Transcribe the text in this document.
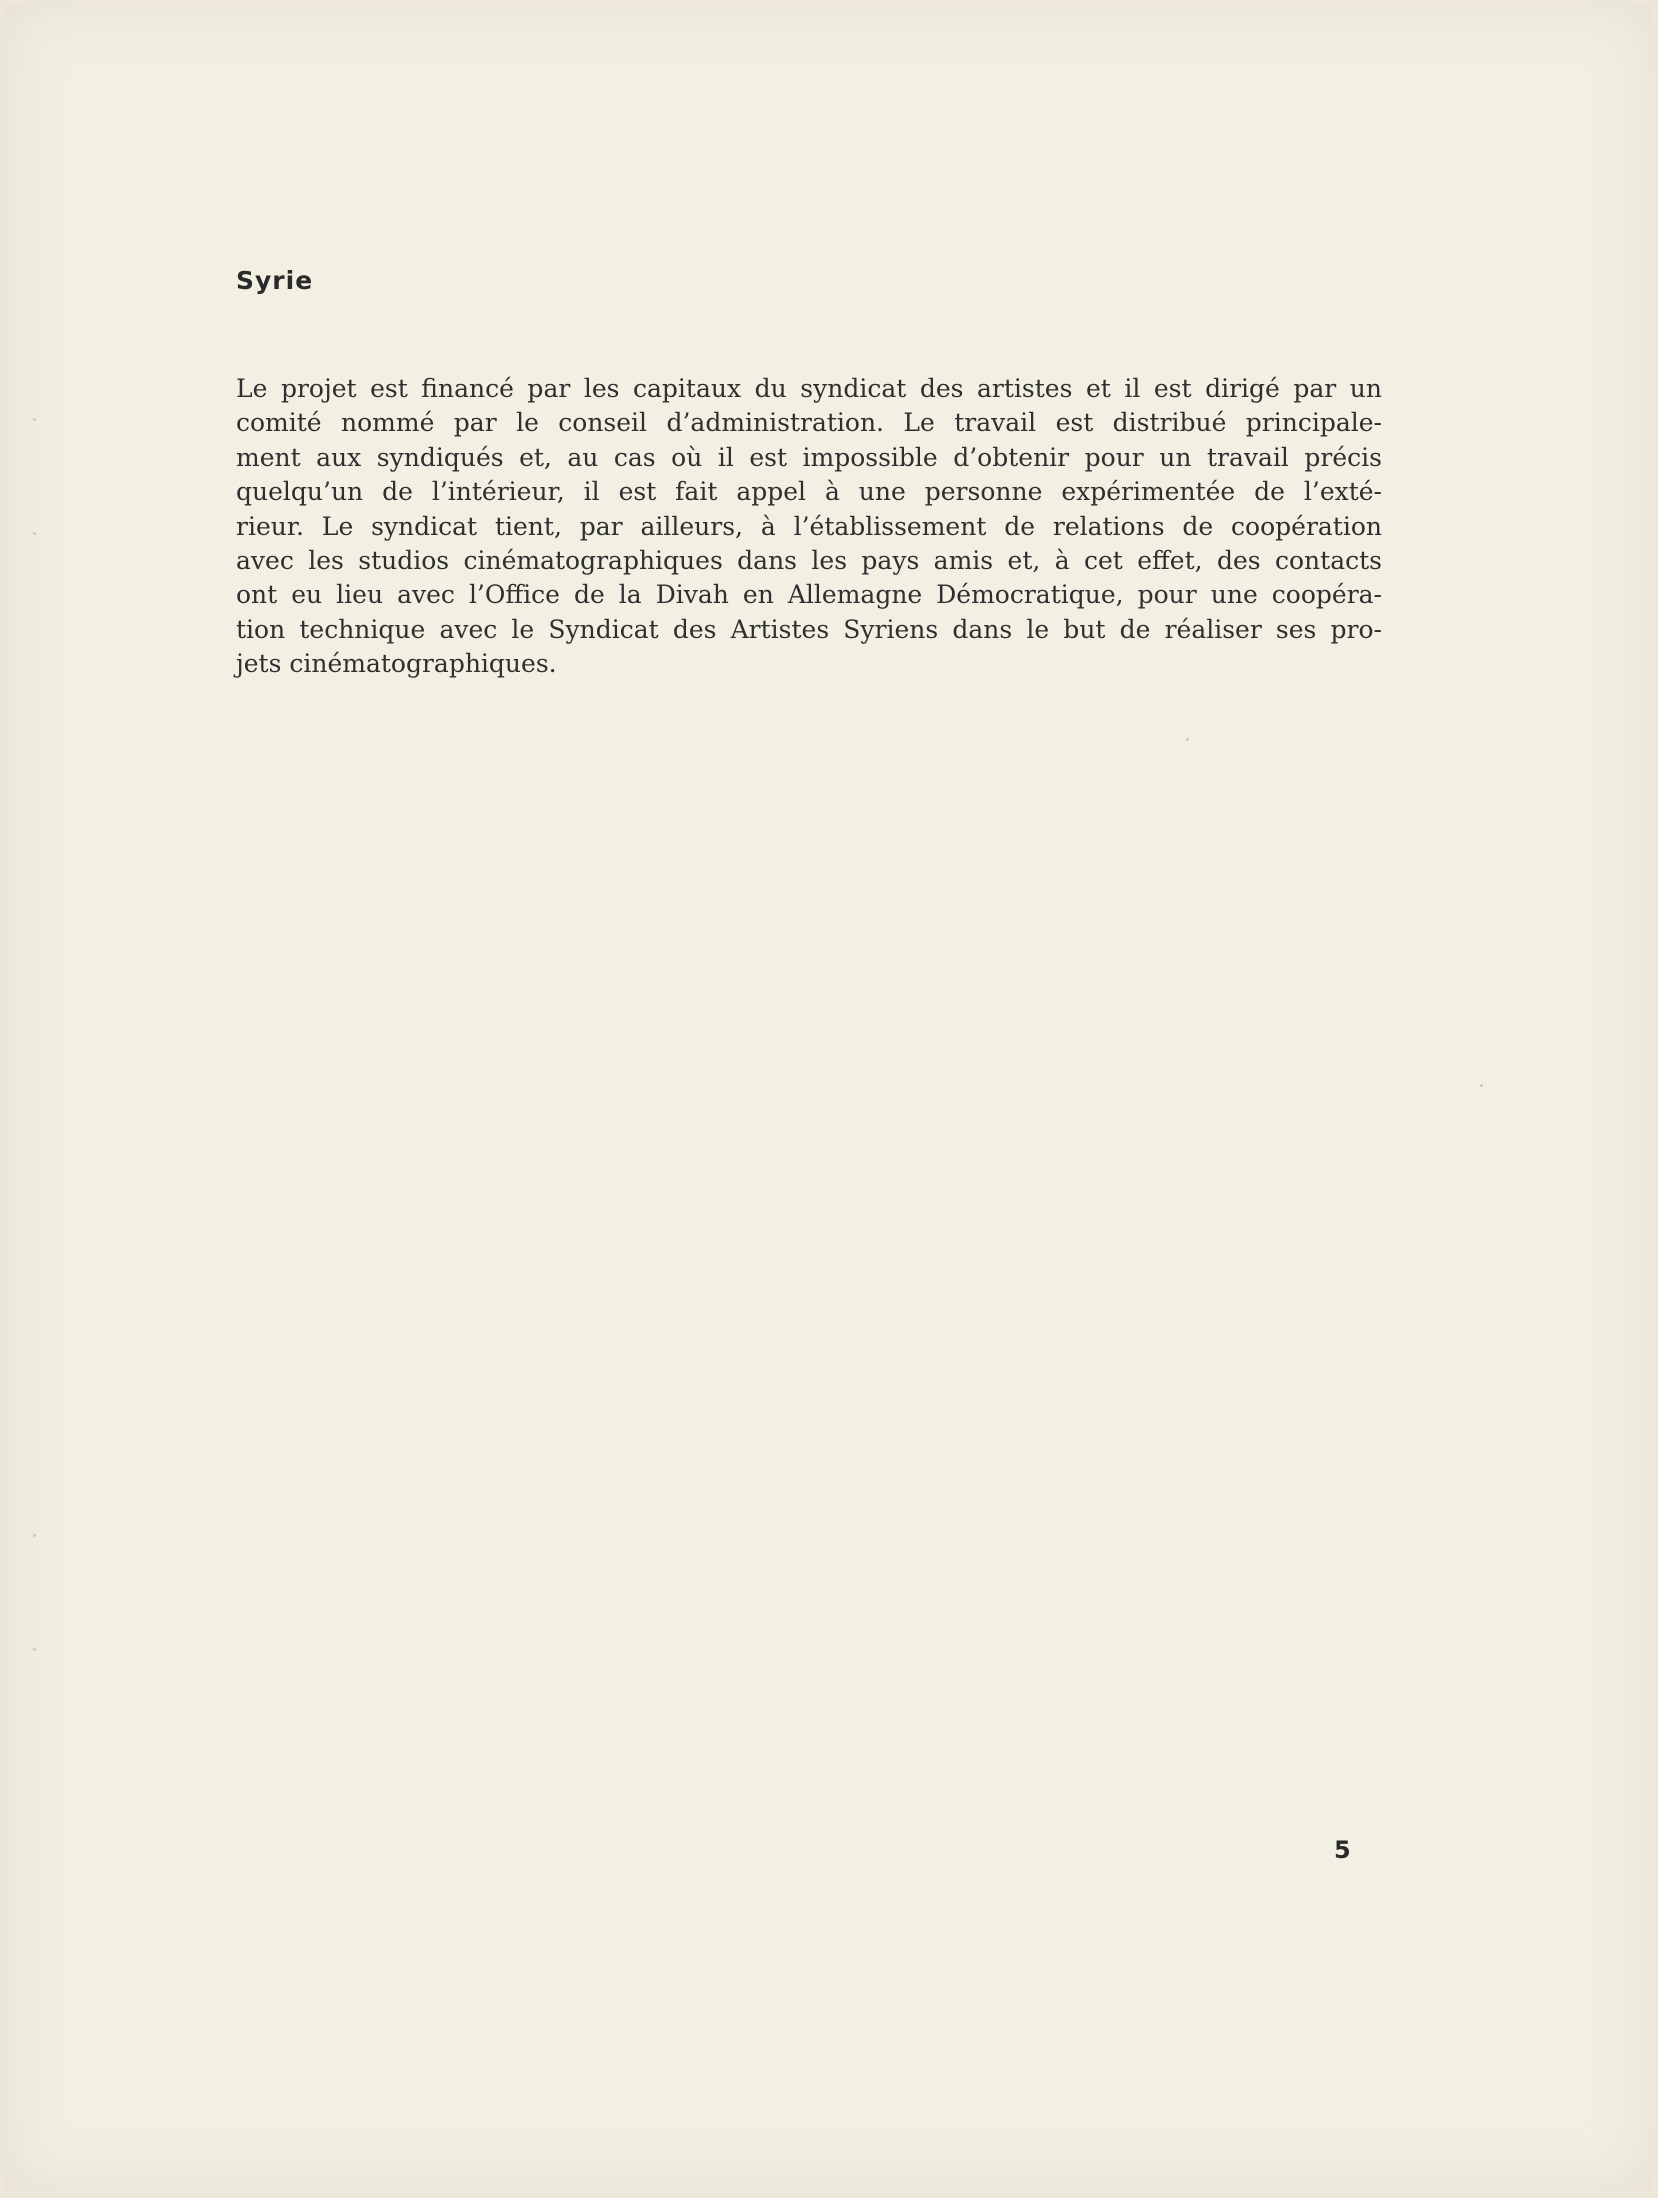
Syrie

Le projet est financé par les capitaux du syndicat des artistes et il est dirigé par un
comité nommé par le conseil d’administration. Le travail est distribué principale-
ment aux syndiqués et, au cas où il est impossible d’obtenir pour un travail précis
quelqu’un de l’intérieur, il est fait appel à une personne expérimentée de l’exté-
rieur. Le syndicat tient, par ailleurs, à l’établissement de relations de coopération
avec les studios cinématographiques dans les pays amis et, à cet effet, des contacts
ont eu lieu avec l’Office de la Divah en Allemagne Démocratique, pour une coopéra-
tion technique avec le Syndicat des Artistes Syriens dans le but de réaliser ses pro-
jets cinématographiques.

5
